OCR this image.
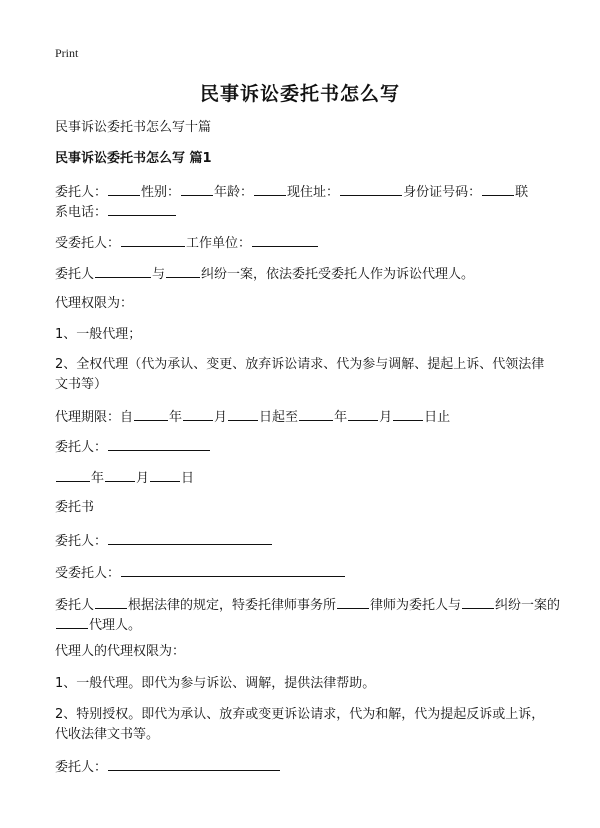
Print
民事诉讼委托书怎么写

民事诉讼委托书怎么写十篇

民事诉讼委托书怎么写 篇1

委托人：	性别：	年龄：	现住址：	身份证号码：	联

系电话：

受委托人：	工作单位：

委托人	与	纠纷一案，依法委托受委托人作为诉讼代理人。

代理权限为：

1、一般代理；

2、全权代理（代为承认、变更、放弃诉讼请求、代为参与调解、提起上诉、代领法律文书等）

代理期限：自	年 月 日起至	年 月 日止

委托人：

年 月 日

委托书

委托人：

受委托人：

委托人	根据法律的规定，特委托律师事务所	律师为委托人与	纠纷一案的

代理人。

代理人的代理权限为：

1、一般代理。即代为参与诉讼、调解，提供法律帮助。

2、特别授权。即代为承认、放弃或变更诉讼请求，代为和解，代为提起反诉或上诉，代收法律文书等。

委托人：
